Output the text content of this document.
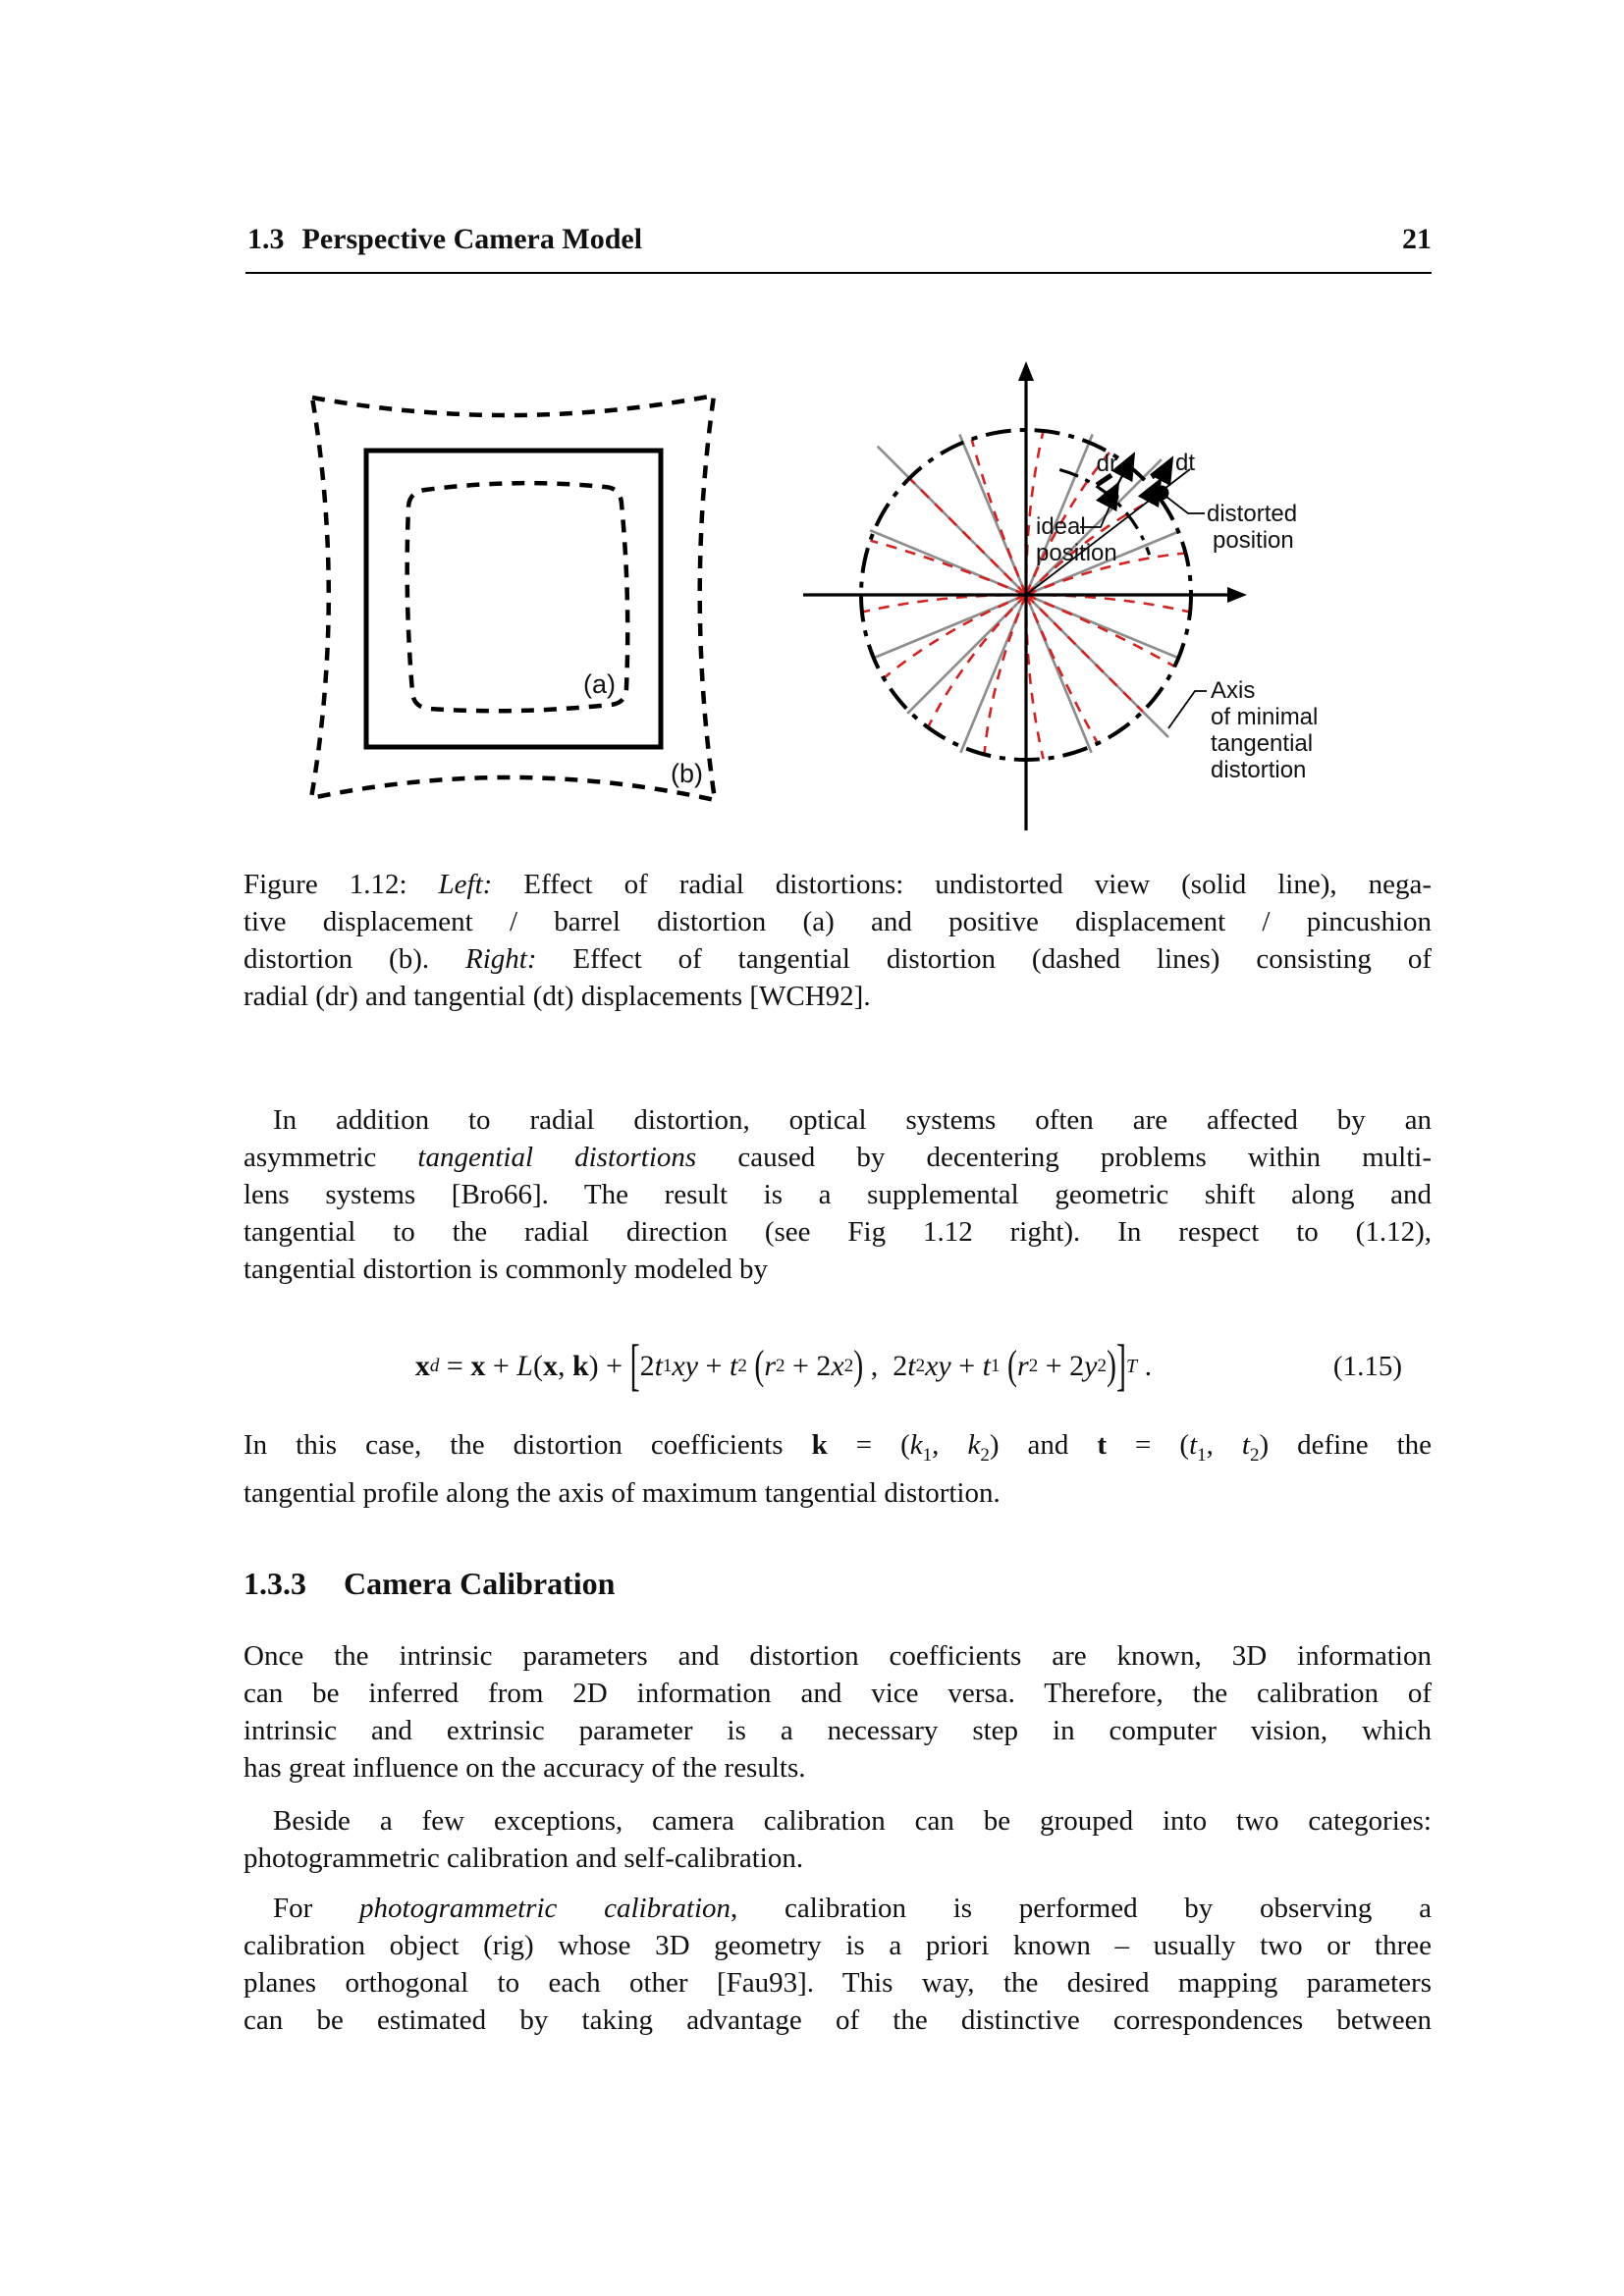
1.3 Perspective Camera Model	21
(a)
(b)
dr dt
ideal
position
distorted
position
Axis
of minimal
tangential
distortion
Figure 1.12: Left: Effect of radial distortions: undistorted view (solid line), nega-
tive displacement / barrel distortion (a) and positive displacement / pincushion
distortion (b). Right: Effect of tangential distortion (dashed lines) consisting of
radial (dr) and tangential (dt) displacements [WCH92].
In addition to radial distortion, optical systems often are affected by an
asymmetric tangential distortions caused by decentering problems within multi-
lens systems [Bro66]. The result is a supplemental geometric shift along and
tangential to the radial direction (see Fig 1.12 right). In respect to (1.12),
tangential distortion is commonly modeled by
x d = x + L ( x , k ) + [ 2 t 1 xy + t 2
( r 2 + 2 x 2 ) ,  2 t 2 xy + t 1
( r 2 + 2 y 2 ) ] T .	(1.15)
In this case, the distortion coefficients $k = (k_1$, $k_2$) and $t = (t_1$, $t_2$) define the
tangential profile along the axis of maximum tangential distortion.
1.3.3 Camera Calibration
Once the intrinsic parameters and distortion coefficients are known, 3D information
can be inferred from 2D information and vice versa. Therefore, the calibration of
intrinsic and extrinsic parameter is a necessary step in computer vision, which
has great influence on the accuracy of the results.
Beside a few exceptions, camera calibration can be grouped into two categories:
photogrammetric calibration and self-calibration.
For photogrammetric calibration, calibration is performed by observing a
calibration object (rig) whose 3D geometry is a priori known – usually two or three
planes orthogonal to each other [Fau93]. This way, the desired mapping parameters
can be estimated by taking advantage of the distinctive correspondences between
